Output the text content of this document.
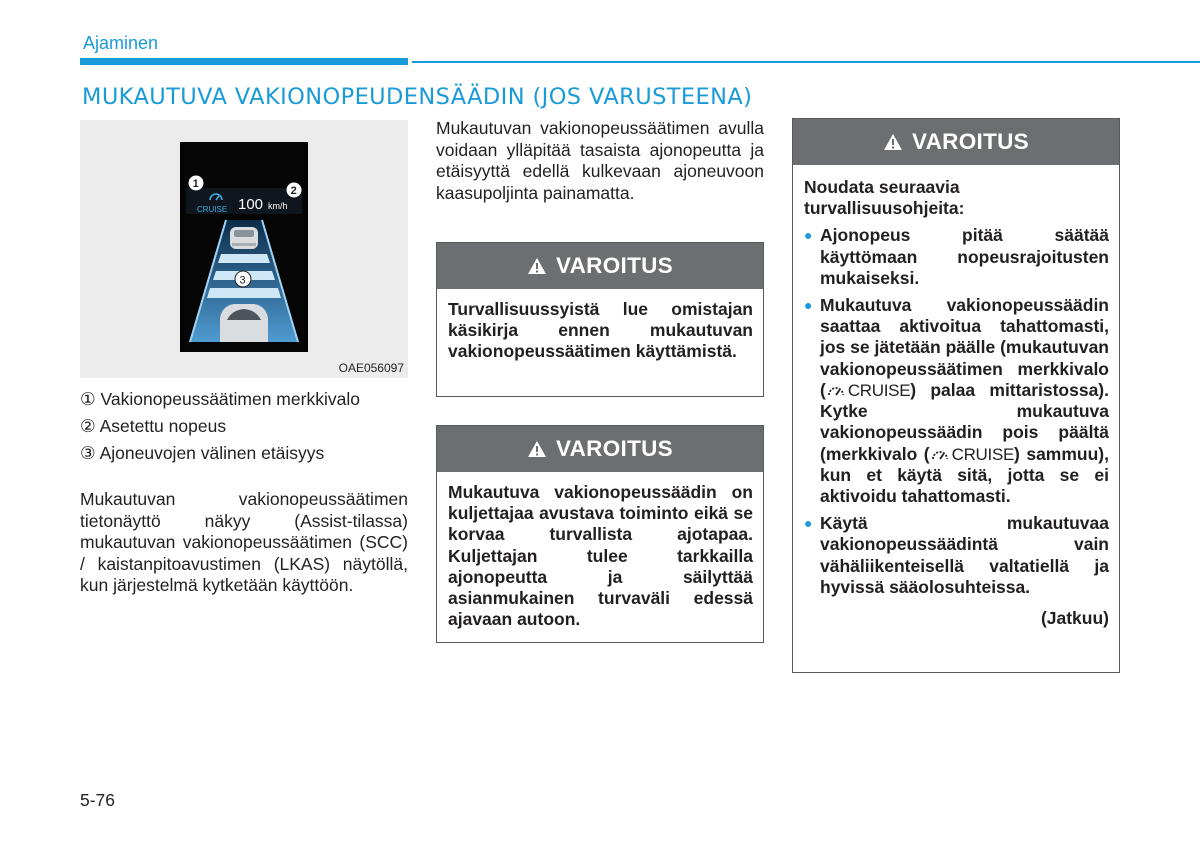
Ajaminen
MUKAUTUVA VAKIONOPEUDENSÄÄDIN (JOS VARUSTEENA)
CRUISE 100 km/h
3
1
2
OAE056097
① Vakionopeussäätimen merkkivalo
② Asetettu nopeus
③ Ajoneuvojen välinen etäisyys

Mukautuvan vakionopeussäätimen tietonäyttö näkyy (Assist-tilassa) mukautuvan vakionopeussäätimen (SCC) / kaistanpitoavustimen (LKAS) näytöllä, kun järjestelmä kytketään käyttöön.

Mukautuvan vakionopeussäätimen avulla voidaan ylläpitää tasaista ajonopeutta ja etäisyyttä edellä kulkevaan ajoneuvoon kaasupoljinta painamatta.

VAROITUS

Turvallisuussyistä lue omistajan käsikirja ennen mukautuvan vakionopeussäätimen käyttämistä.

VAROITUS

Mukautuva vakionopeussäädin on kuljettajaa avustava toiminto eikä se korvaa turvallista ajotapaa. Kuljettajan tulee tarkkailla ajonopeutta ja säilyttää asianmukainen turvaväli edessä ajavaan autoon.

VAROITUS

Noudata seuraavia turvallisuusohjeita:

● Ajonopeus pitää säätää käyttömaan nopeusrajoitusten mukaiseksi.
● Mukautuva vakionopeussäädin saattaa aktivoitua tahattomasti, jos se jätetään päälle (mukautuvan vakionopeussäätimen merkkivalo ( CRUISE ) palaa mittaristossa). Kytke mukautuva vakionopeussäädin pois päältä (merkkivalo ( CRUISE ) sammuu), kun et käytä sitä, jotta se ei aktivoidu tahattomasti.
● Käytä mukautuvaa vakionopeussäädintä vain vähäliikenteisellä valtatiellä ja hyvissä sääolosuhteissa.
(Jatkuu)
5-76
